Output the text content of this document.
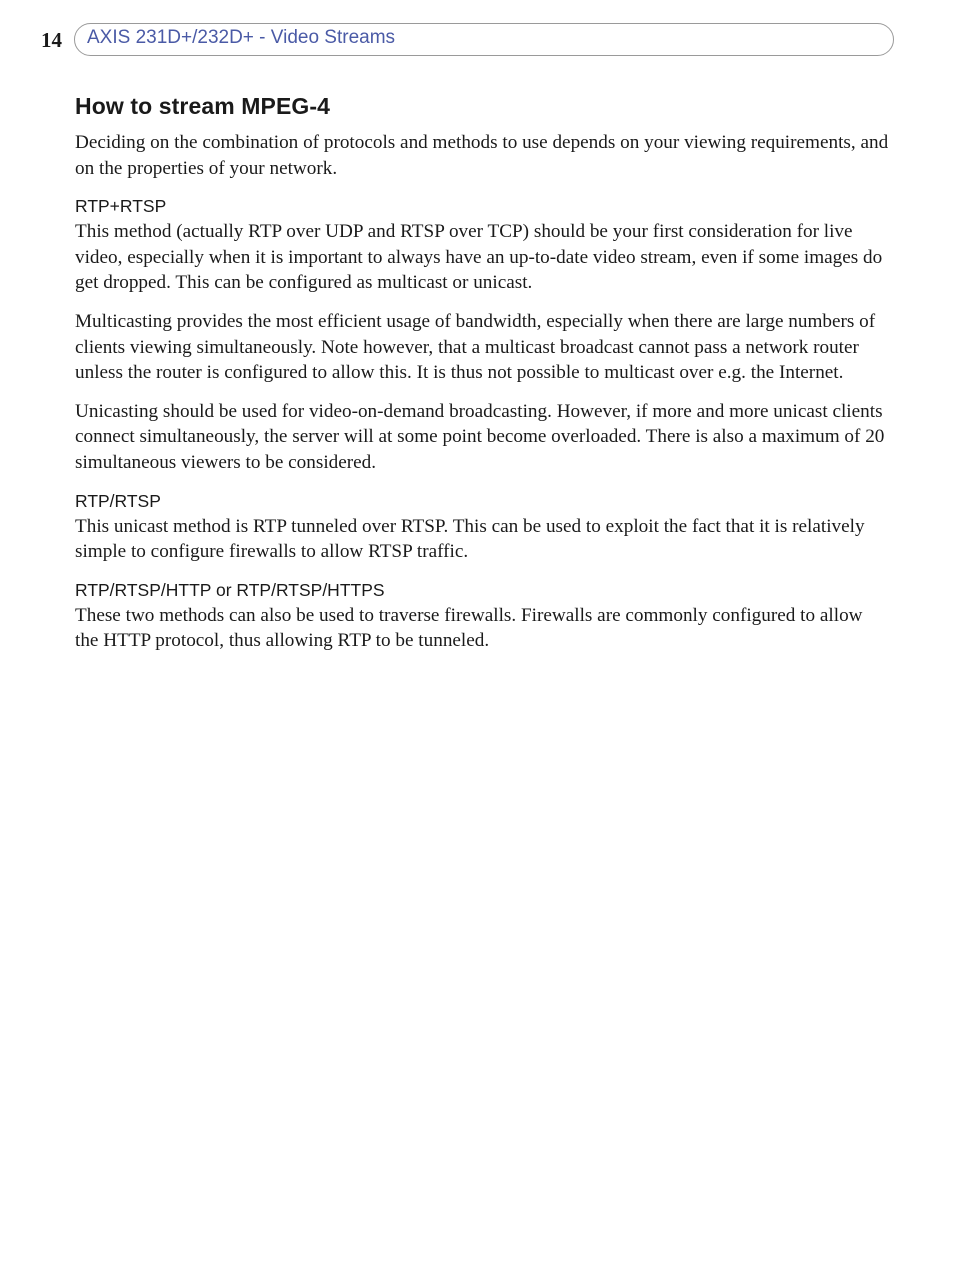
14 AXIS 231D+/232D+ - Video Streams
How to stream MPEG-4

Deciding on the combination of protocols and methods to use depends on your viewing requirements, and on the properties of your network.

RTP+RTSP

This method (actually RTP over UDP and RTSP over TCP) should be your first consideration for live video, especially when it is important to always have an up-to-date video stream, even if some images do get dropped. This can be configured as multicast or unicast.

Multicasting provides the most efficient usage of bandwidth, especially when there are large numbers of clients viewing simultaneously. Note however, that a multicast broadcast cannot pass a network router unless the router is configured to allow this. It is thus not possible to multicast over e.g. the Internet.

Unicasting should be used for video-on-demand broadcasting. However, if more and more unicast clients connect simultaneously, the server will at some point become overloaded. There is also a maximum of 20 simultaneous viewers to be considered.

RTP/RTSP

This unicast method is RTP tunneled over RTSP. This can be used to exploit the fact that it is relatively simple to configure firewalls to allow RTSP traffic.

RTP/RTSP/HTTP or RTP/RTSP/HTTPS

These two methods can also be used to traverse firewalls. Firewalls are commonly configured to allow the HTTP protocol, thus allowing RTP to be tunneled.
